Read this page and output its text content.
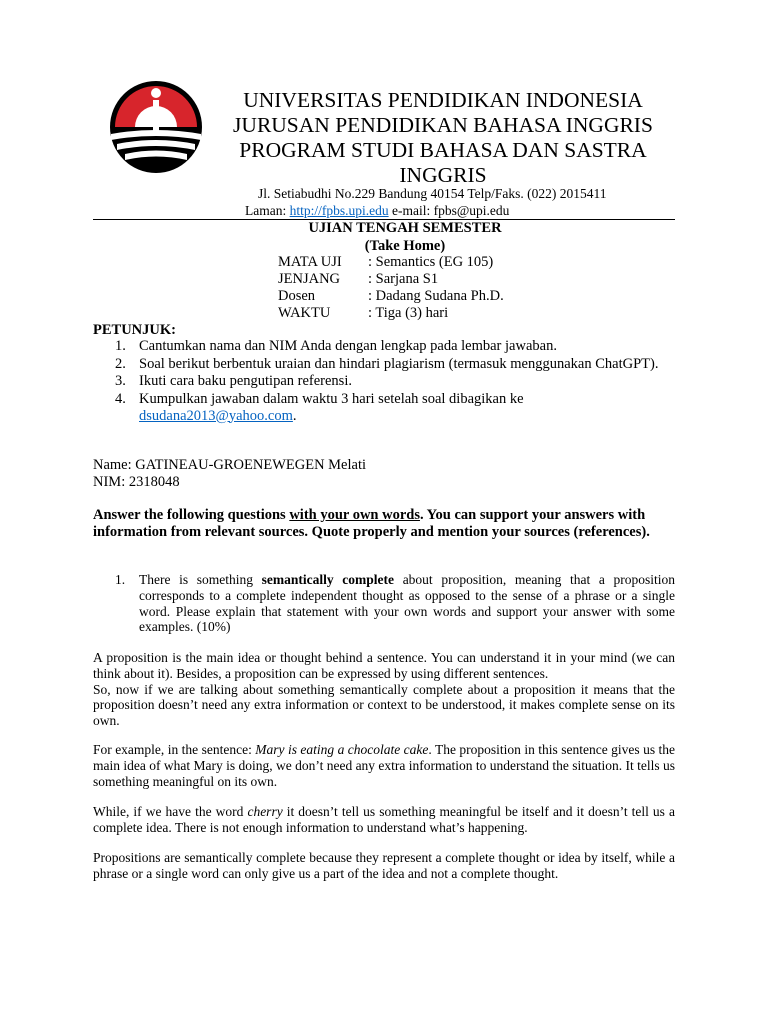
UNIVERSITAS PENDIDIKAN INDONESIA
JURUSAN PENDIDIKAN BAHASA INGGRIS
PROGRAM STUDI BAHASA DAN SASTRA
INGGRIS
Jl. Setiabudhi No.229 Bandung 40154 Telp/Faks. (022) 2015411
Laman: http://fpbs.upi.edu e-mail: fpbs@upi.edu
UJIAN TENGAH SEMESTER
(Take Home)
MATA UJI	: Semantics (EG 105)
JENJANG	: Sarjana S1
Dosen	: Dadang Sudana Ph.D.
WAKTU	: Tiga (3) hari
PETUNJUK:
1. Cantumkan nama dan NIM Anda dengan lengkap pada lembar jawaban.
2. Soal berikut berbentuk uraian dan hindari plagiarism (termasuk menggunakan ChatGPT).
3. Ikuti cara baku pengutipan referensi.
4. Kumpulkan jawaban dalam waktu 3 hari setelah soal dibagikan ke dsudana2013@yahoo.com.
Name: GATINEAU-GROENEWEGEN Melati
NIM: 2318048
Answer the following questions with your own words. You can support your answers with information from relevant sources. Quote properly and mention your sources (references).
1.	There is something semantically complete about proposition, meaning that a proposition corresponds to a complete independent thought as opposed to the sense of a phrase or a single word. Please explain that statement with your own words and support your answer with some examples. (10%)

A proposition is the main idea or thought behind a sentence. You can understand it in your mind (we can think about it). Besides, a proposition can be expressed by using different sentences.

So, now if we are talking about something semantically complete about a proposition it means that the proposition doesn’t need any extra information or context to be understood, it makes complete sense on its own.

For example, in the sentence: Mary is eating a chocolate cake. The proposition in this sentence gives us the main idea of what Mary is doing, we don’t need any extra information to understand the situation. It tells us something meaningful on its own.
While, if we have the word cherry it doesn’t tell us something meaningful be itself and it doesn’t tell us a complete idea. There is not enough information to understand what’s happening.
Propositions are semantically complete because they represent a complete thought or idea by itself, while a phrase or a single word can only give us a part of the idea and not a complete thought.
